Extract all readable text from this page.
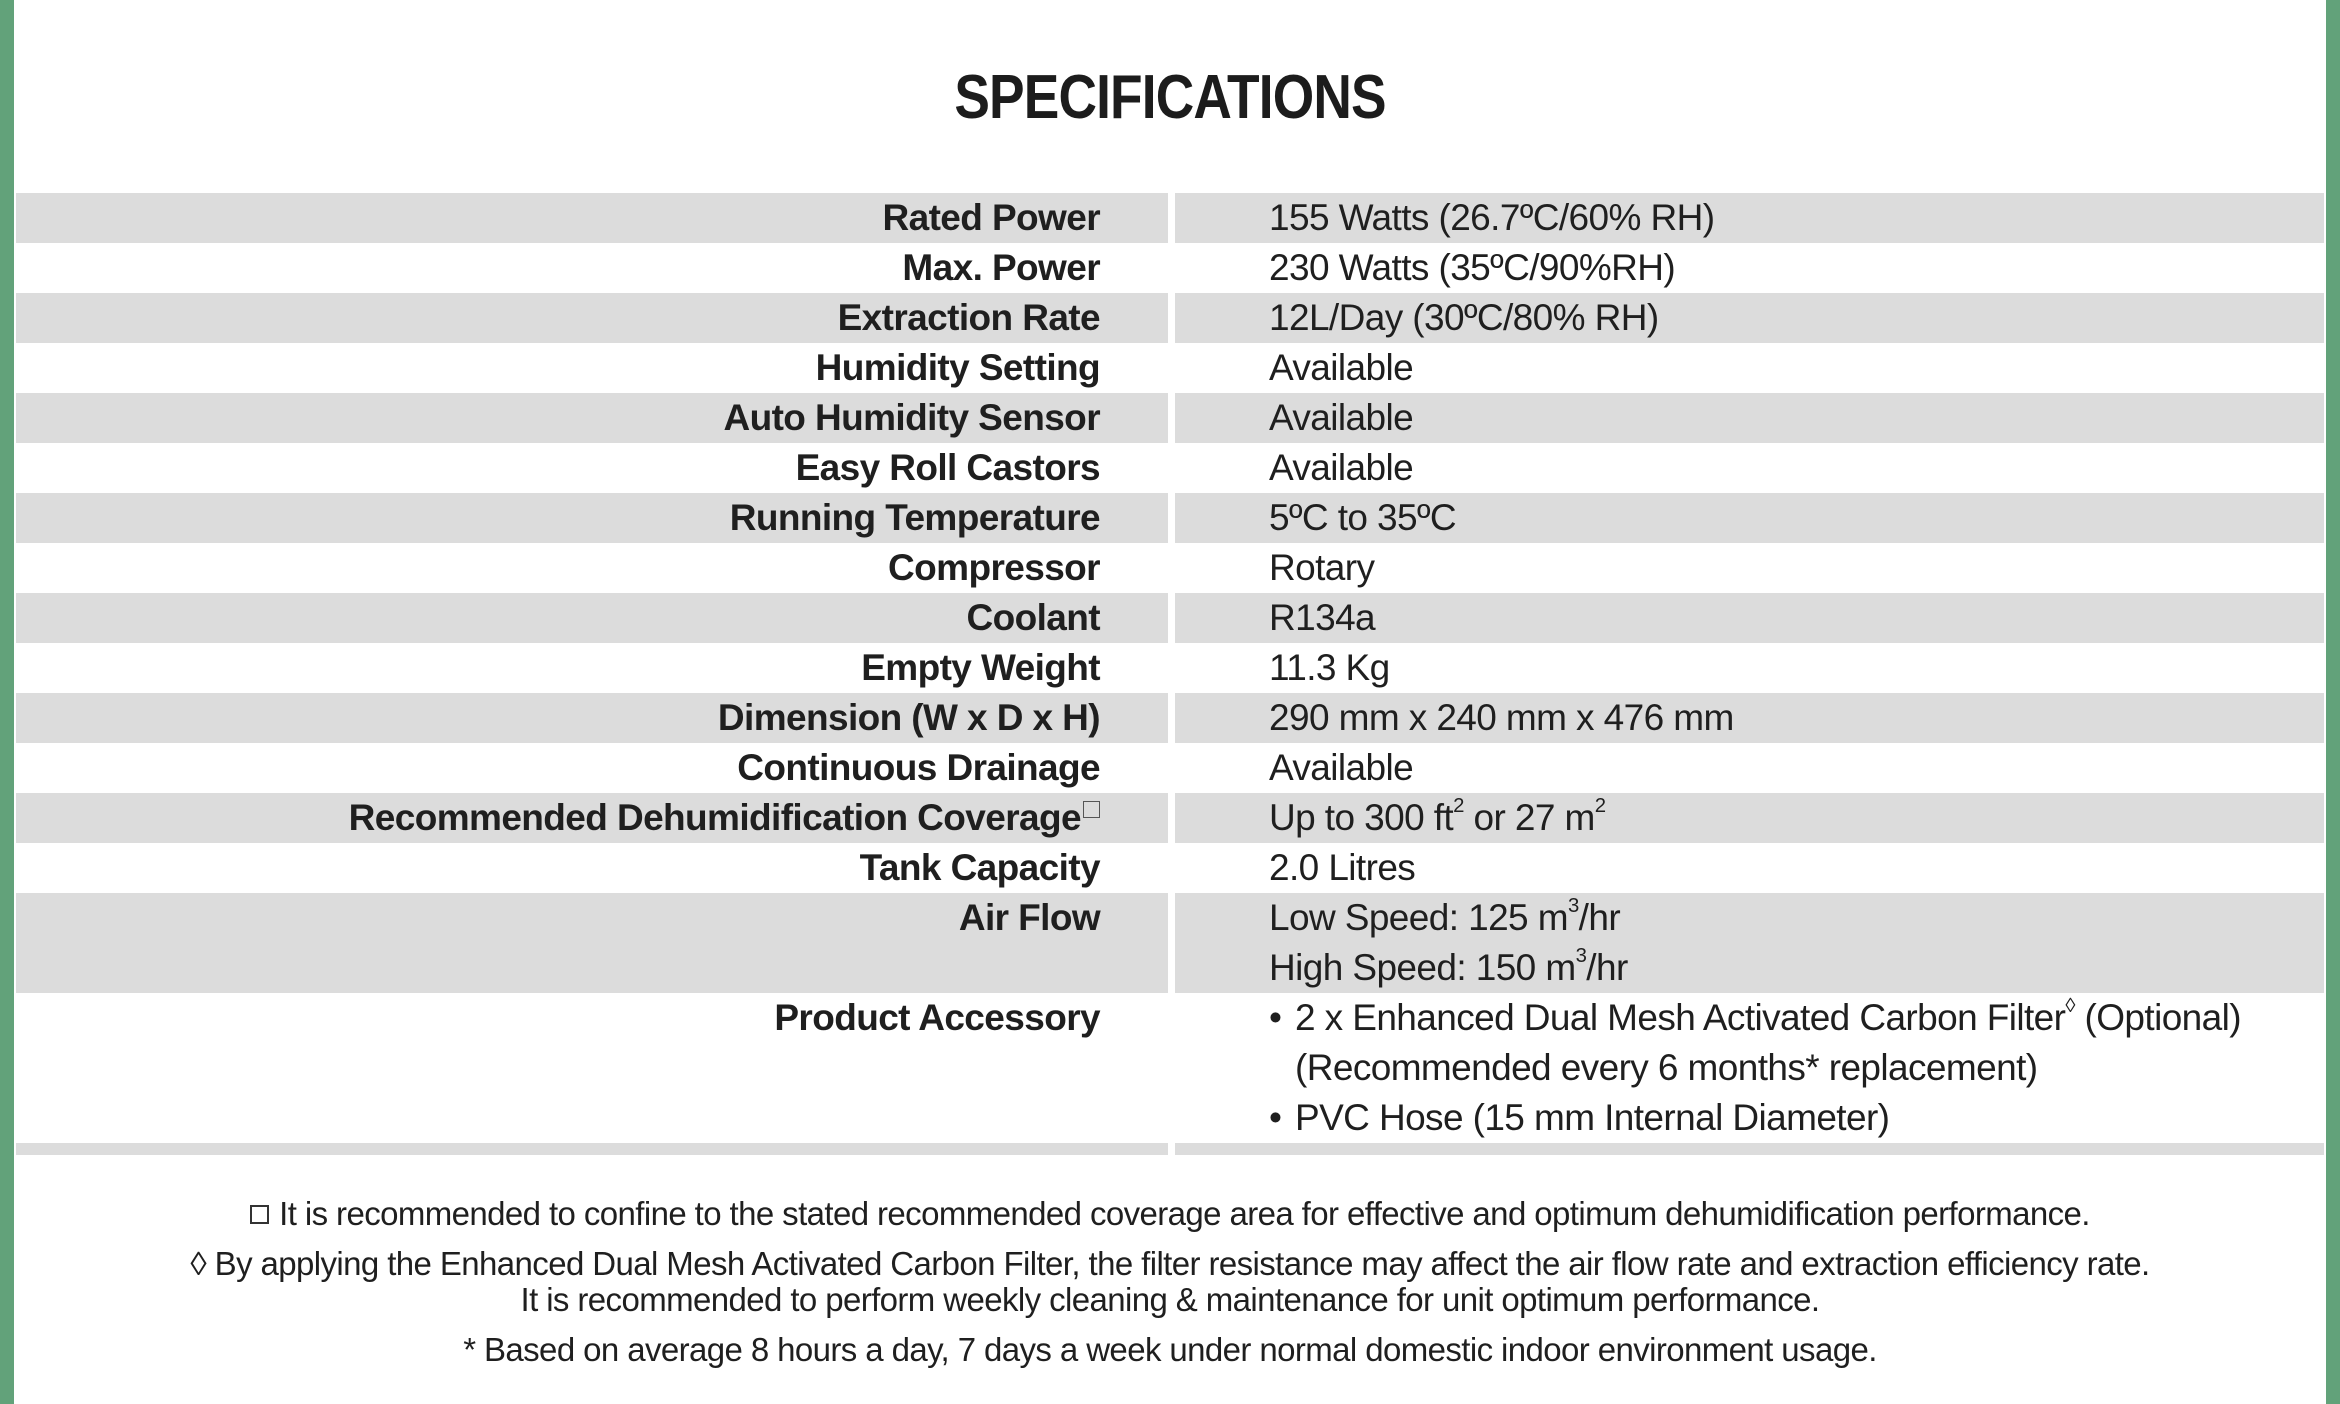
SPECIFICATIONS
Rated Power	155 Watts (26.7ºC/60% RH)
Max. Power	230 Watts (35ºC/90%RH)
Extraction Rate	12L/Day (30ºC/80% RH)
Humidity Setting	Available
Auto Humidity Sensor	Available
Easy Roll Castors	Available
Running Temperature	5ºC to 35ºC
Compressor	Rotary
Coolant	R134a
Empty Weight	11.3 Kg
Dimension (W x D x H)	290 mm x 240 mm x 476 mm
Continuous Drainage	Available
Recommended Dehumidification Coverage	Up to 300 $ft^2$ or 27 $m^2$
Tank Capacity	2.0 Litres
Air Flow	Low Speed: 125 $m^3/hr$
High Speed: 150 $m^3/hr$
Product Accessory	• 2 x Enhanced Dual Mesh Activated Carbon Filter◊ (Optional)
(Recommended every 6 months* replacement)
• PVC Hose (15 mm Internal Diameter)
It is recommended to confine to the stated recommended coverage area for effective and optimum dehumidification performance.
◊ By applying the Enhanced Dual Mesh Activated Carbon Filter, the filter resistance may affect the air flow rate and extraction efficiency rate.
It is recommended to perform weekly cleaning & maintenance for unit optimum performance.
* Based on average 8 hours a day, 7 days a week under normal domestic indoor environment usage.
